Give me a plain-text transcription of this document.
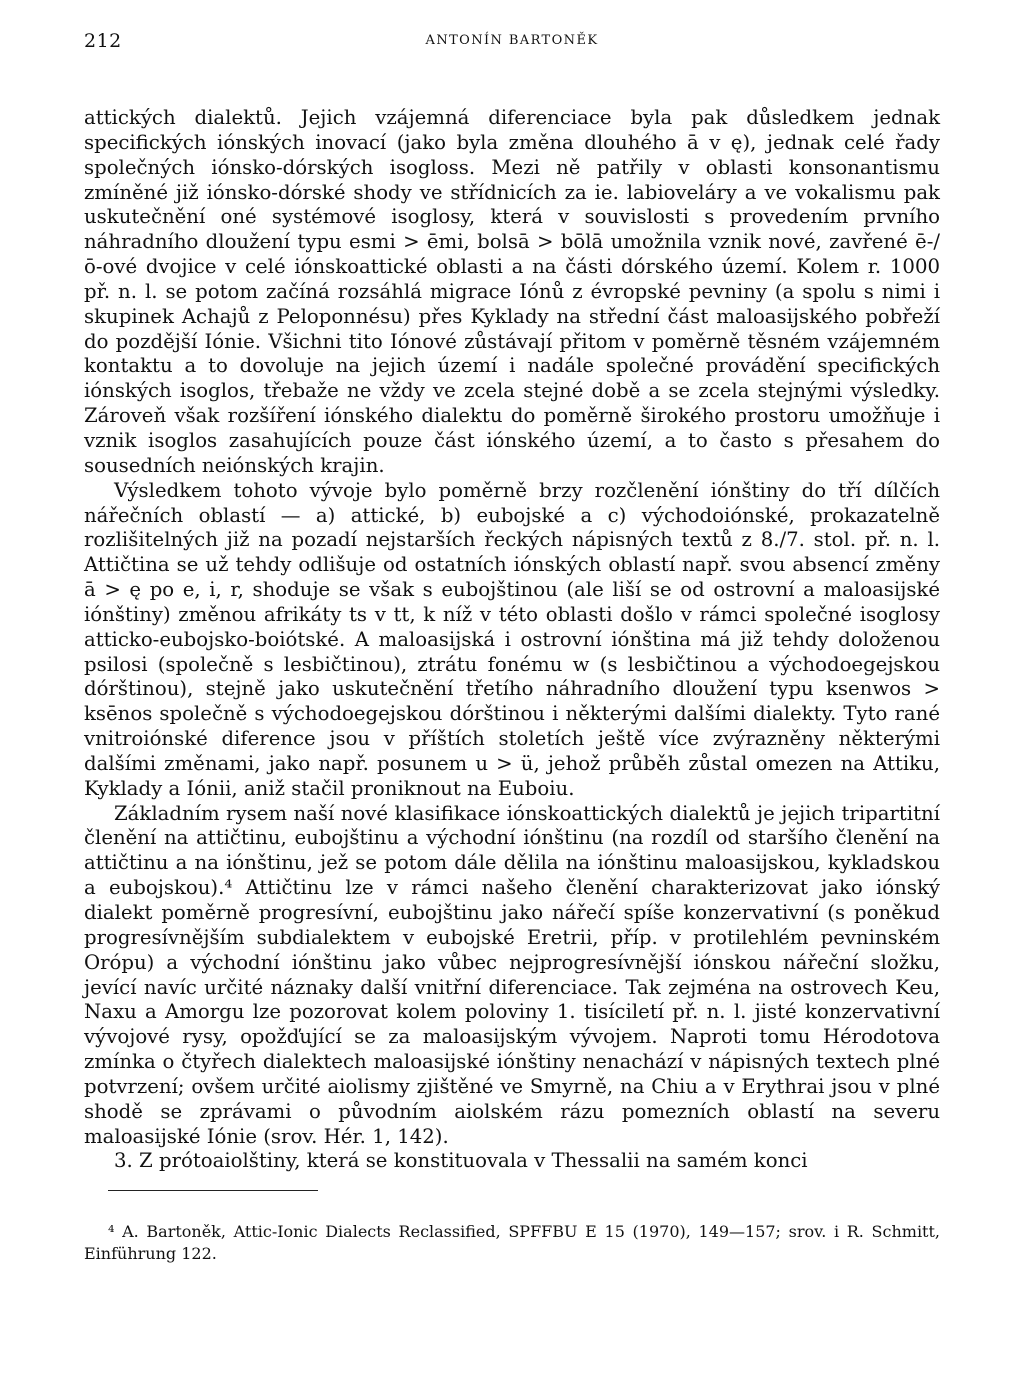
212	ANTONÍN BARTONĚK

attických dialektů. Jejich vzájemná diferenciace byla pak důsledkem jednak specifických iónských inovací (jako byla změna dlouhého ā v ę), jednak celé řady společných iónsko-dórských isogloss. Mezi ně patřily v oblasti konsonantismu zmíněné již iónsko-dórské shody ve střídnicích za ie. labioveláry a ve vokalismu pak uskutečnění oné systémové isoglosy, která v souvislosti s provedením prvního náhradního dloužení typu esmi > ēmi, bolsā > bōlā umožnila vznik nové, zavřené ē-/ō-ové dvojice v celé iónskoattické oblasti a na části dórského území. Kolem r. 1000 př. n. l. se potom začíná rozsáhlá migrace Iónů z évropské pevniny (a spolu s nimi i skupinek Achajů z Peloponnésu) přes Kyklady na střední část maloasijského pobřeží do pozdější Iónie. Všichni tito Iónové zůstávají přitom v poměrně těsném vzájemném kontaktu a to dovoluje na jejich území i nadále společné provádění specifických iónských isoglos, třebaže ne vždy ve zcela stejné době a se zcela stejnými výsledky. Zároveň však rozšíření iónského dialektu do poměrně širokého prostoru umožňuje i vznik isoglos zasahujících pouze část iónského území, a to často s přesahem do sousedních neiónských krajin.

Výsledkem tohoto vývoje bylo poměrně brzy rozčlenění iónštiny do tří dílčích nářečních oblastí — a) attické, b) eubojské a c) východoiónské, prokazatelně rozlišitelných již na pozadí nejstarších řeckých nápisných textů z 8./7. stol. př. n. l. Attičtina se už tehdy odlišuje od ostatních iónských oblastí např. svou absencí změny ā > ę po e, i, r, shoduje se však s eubojštinou (ale liší se od ostrovní a maloasijské iónštiny) změnou afrikáty ts v tt, k níž v této oblasti došlo v rámci společné isoglosy atticko-eubojsko-boiótské. A maloasijská i ostrovní iónština má již tehdy doloženou psilosi (společně s lesbičtinou), ztrátu fonému w (s lesbičtinou a východoegejskou dórštinou), stejně jako uskutečnění třetího náhradního dloužení typu ksenwos > ksēnos společně s východoegejskou dórštinou i některými dalšími dialekty. Tyto rané vnitroiónské diference jsou v příštích stoletích ještě více zvýrazněny některými dalšími změnami, jako např. posunem u > ü, jehož průběh zůstal omezen na Attiku, Kyklady a Iónii, aniž stačil proniknout na Euboiu.

Základním rysem naší nové klasifikace iónskoattických dialektů je jejich tripartitní členění na attičtinu, eubojštinu a východní iónštinu (na rozdíl od staršího členění na attičtinu a na iónštinu, jež se potom dále dělila na iónštinu maloasijskou, kykladskou a eubojskou).⁴ Attičtinu lze v rámci našeho členění charakterizovat jako iónský dialekt poměrně progresívní, eubojštinu jako nářečí spíše konzervativní (s poněkud progresívnějším subdialektem v eubojské Eretrii, příp. v protilehlém pevninském Orópu) a východní iónštinu jako vůbec nejprogresívnější iónskou nářeční složku, jevící navíc určité náznaky další vnitřní diferenciace. Tak zejména na ostrovech Keu, Naxu a Amorgu lze pozorovat kolem poloviny 1. tisíciletí př. n. l. jisté konzervativní vývojové rysy, opožďující se za maloasijským vývojem. Naproti tomu Hérodotova zmínka o čtyřech dialektech maloasijské iónštiny nenachází v nápisných textech plné potvrzení; ovšem určité aiolismy zjištěné ve Smyrně, na Chiu a v Erythrai jsou v plné shodě se zprávami o původním aiolském rázu pomezních oblastí na severu maloasijské Iónie (srov. Hér. 1, 142).

3. Z prótoaiolštiny, která se konstituovala v Thessalii na samém konci

⁴ A. Bartoněk, Attic-Ionic Dialects Reclassified, SPFFBU E 15 (1970), 149—157; srov. i R. Schmitt, Einführung 122.
